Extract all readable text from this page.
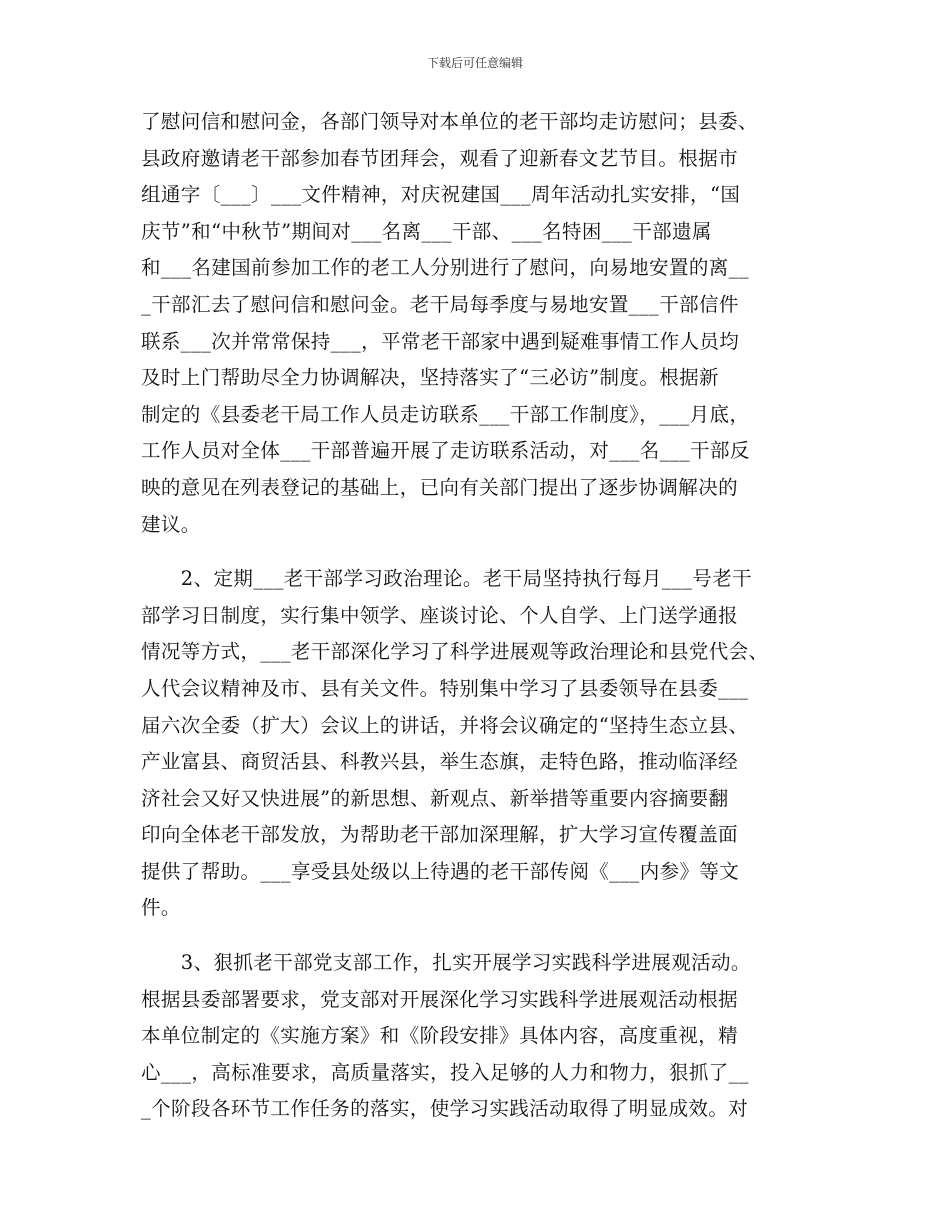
下载后可任意编辑
了慰问信和慰问金，各部门领导对本单位的老干部均走访慰问；县委、
县政府邀请老干部参加春节团拜会，观看了迎新春文艺节目。根据市
组通字〔___〕___文件精神，对庆祝建国___周年活动扎实安排，“国
庆节”和“中秋节”期间对___名离___干部、___名特困___干部遗属
和___名建国前参加工作的老工人分别进行了慰问，向易地安置的离__
_干部汇去了慰问信和慰问金。老干局每季度与易地安置___干部信件
联系___次并常常保持___，平常老干部家中遇到疑难事情工作人员均
及时上门帮助尽全力协调解决，坚持落实了“三必访”制度。根据新
制定的《县委老干局工作人员走访联系___干部工作制度》，___月底，
工作人员对全体___干部普遍开展了走访联系活动，对___名___干部反
映的意见在列表登记的基础上，已向有关部门提出了逐步协调解决的
建议。
　　2、定期___老干部学习政治理论。老干局坚持执行每月___号老干
部学习日制度，实行集中领学、座谈讨论、个人自学、上门送学通报
情况等方式，___老干部深化学习了科学进展观等政治理论和县党代会、
人代会议精神及市、县有关文件。特别集中学习了县委领导在县委___
届六次全委（扩大）会议上的讲话，并将会议确定的“坚持生态立县、
产业富县、商贸活县、科教兴县，举生态旗，走特色路，推动临泽经
济社会又好又快进展”的新思想、新观点、新举措等重要内容摘要翻
印向全体老干部发放，为帮助老干部加深理解，扩大学习宣传覆盖面
提供了帮助。___享受县处级以上待遇的老干部传阅《___内参》等文
件。
　　3、狠抓老干部党支部工作，扎实开展学习实践科学进展观活动。
根据县委部署要求，党支部对开展深化学习实践科学进展观活动根据
本单位制定的《实施方案》和《阶段安排》具体内容，高度重视，精
心___，高标准要求，高质量落实，投入足够的人力和物力，狠抓了__
_个阶段各环节工作任务的落实，使学习实践活动取得了明显成效。对
